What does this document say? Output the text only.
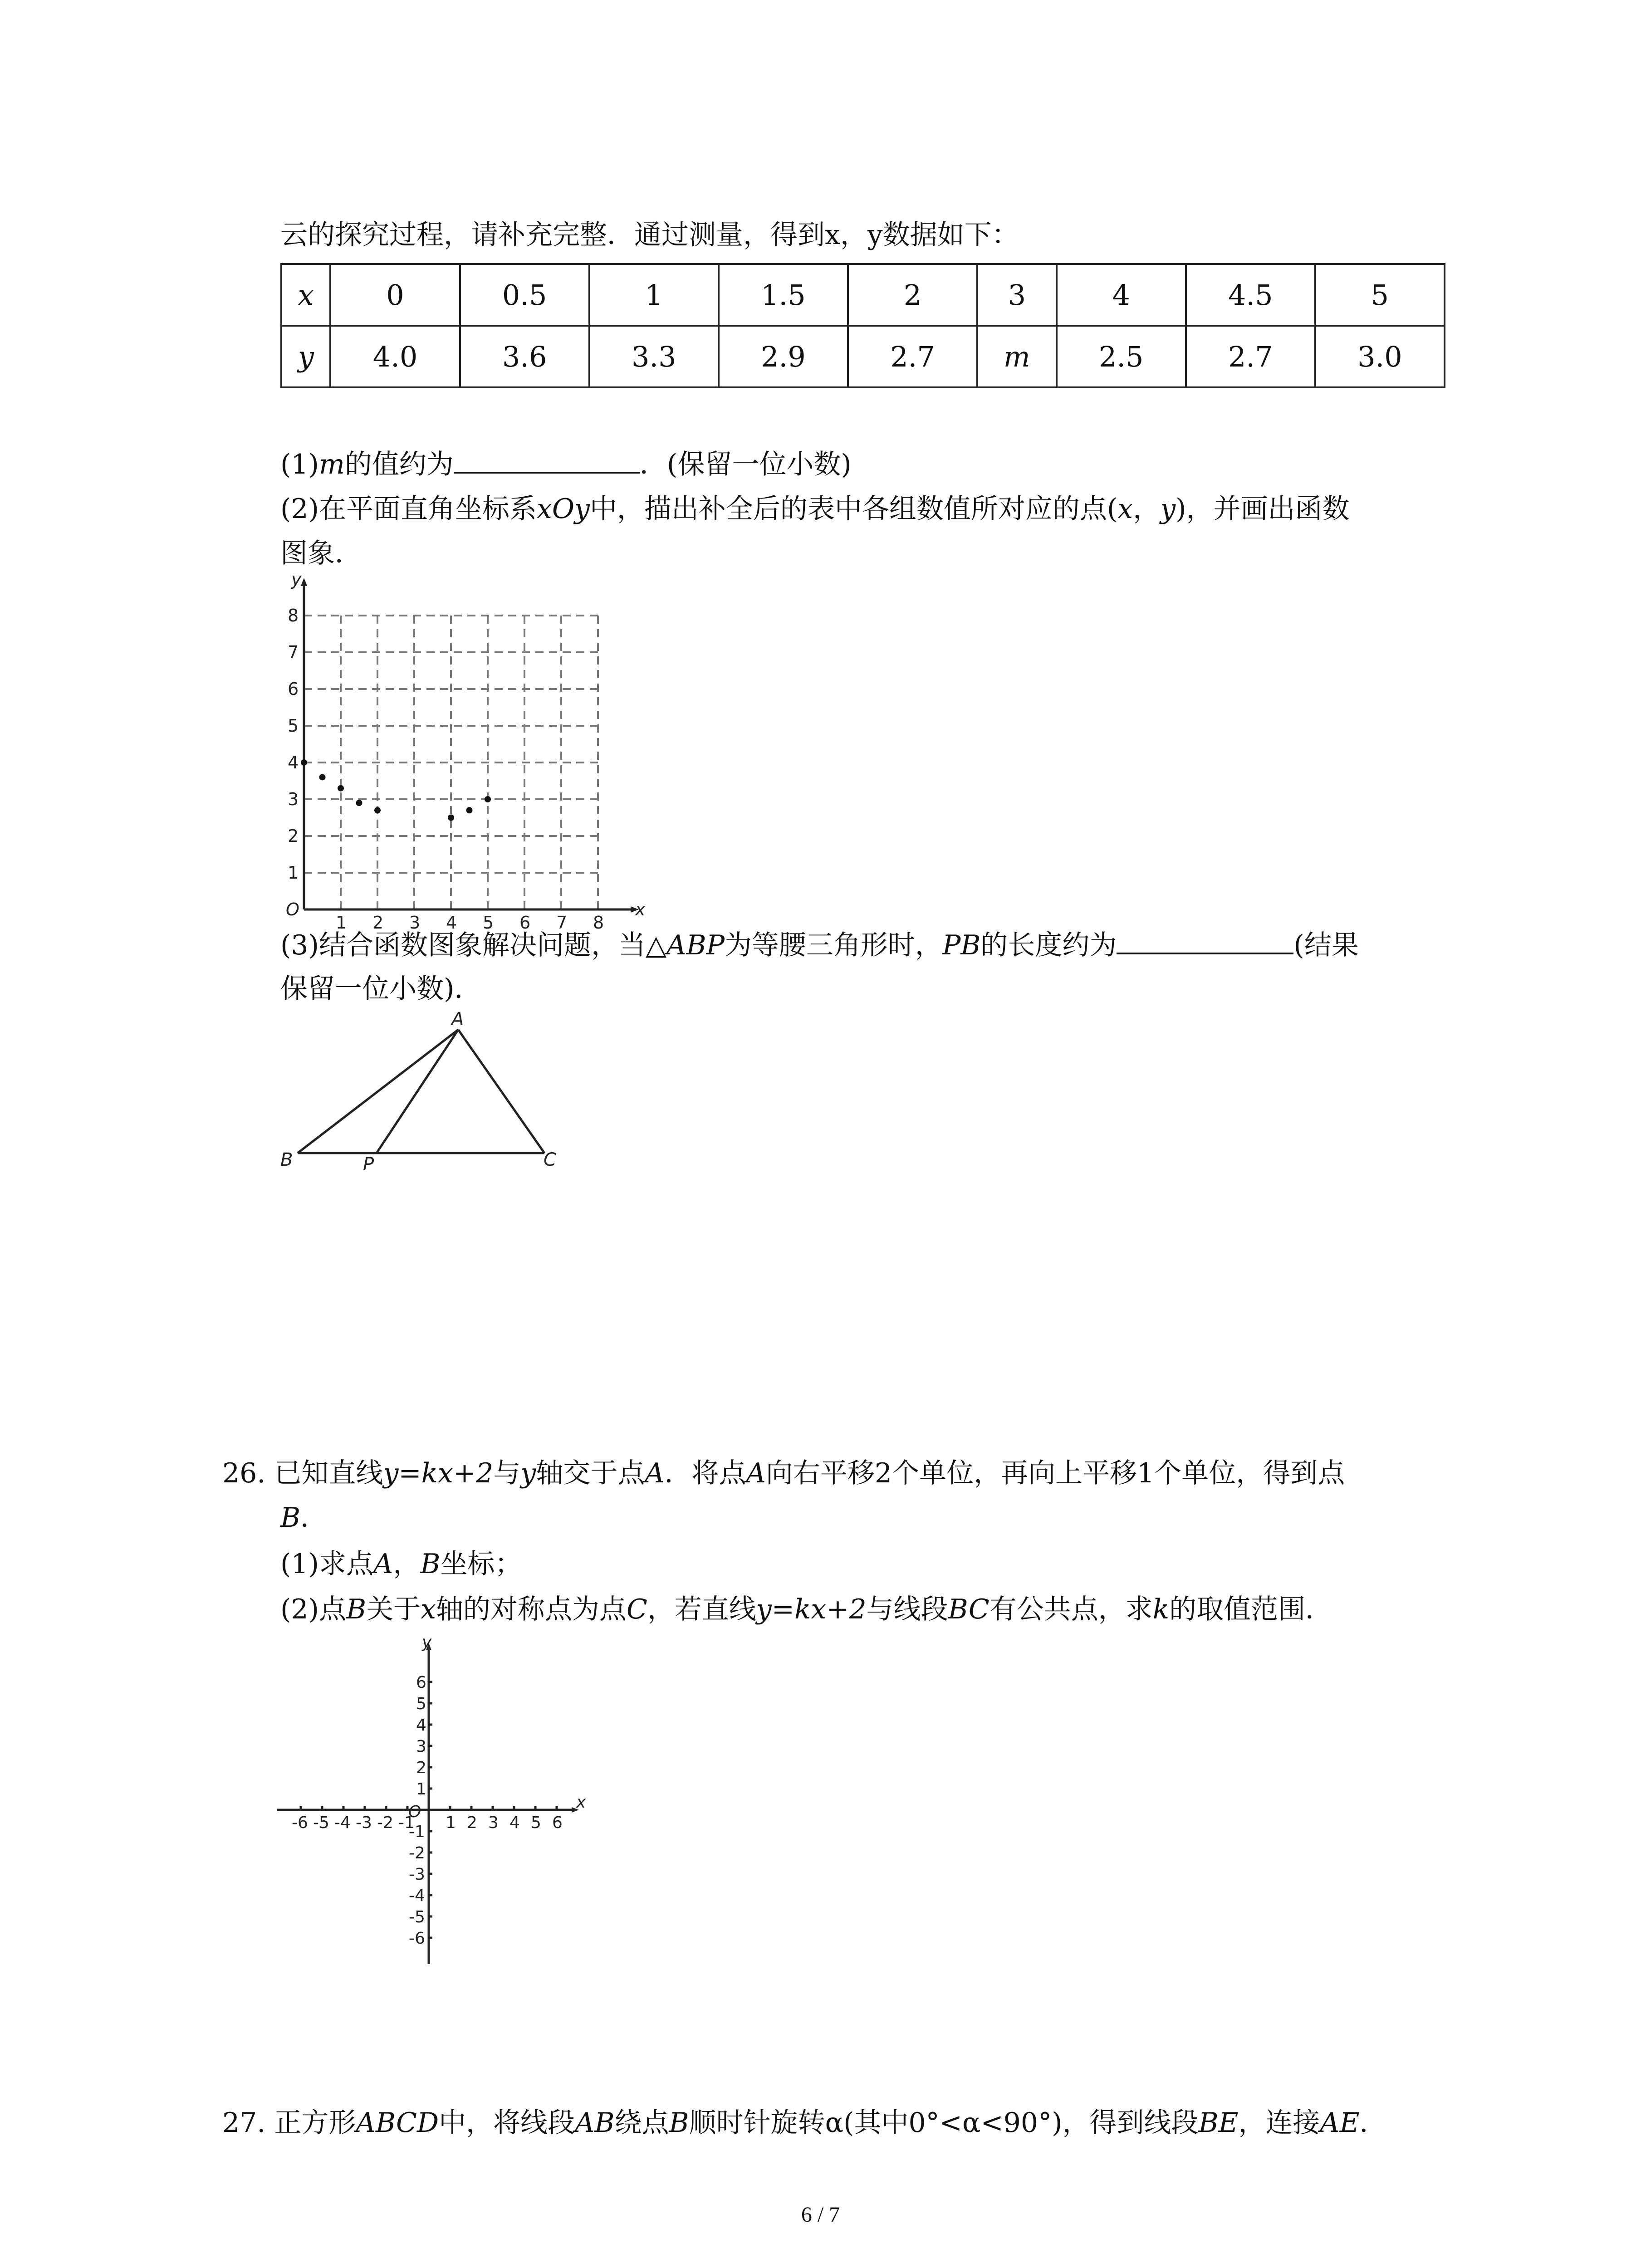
云的探究过程，请补充完整．通过测量，得到x，y数据如下：
x	0	0.5	1	1.5	2	3	4	4.5	5
y	4.0	3.6	3.3	2.9	2.7	m	2.5	2.7	3.0
(1)m的值约为	．(保留一位小数)
(2)在平面直角坐标系xOy中，描出补全后的表中各组数值所对应的点(x，y)，并画出函数
图象．
1 2 3 4 5 6 7 8
1
2
3
4
5
6
7
8
O	x
y
(3)结合函数图象解决问题，当△ABP为等腰三角形时，PB的长度约为	(结果
保留一位小数)．
A
B	C
P
26. 已知直线y=kx+2与y轴交于点A．将点A向右平移2个单位，再向上平移1个单位，得到点
B．
(1)求点A，B坐标；
(2)点B关于x轴的对称点为点C，若直线y=kx+2与线段BC有公共点，求k的取值范围．
-6 -5 -4 -3 -2 -1 1 2 3 4 5 6
6
5
4
3
2
1
-1
-2
-3
-4
-5
-6
O
x
y
27. 正方形ABCD中，将线段AB绕点B顺时针旋转α(其中0°<α<90°)，得到线段BE，连接AE．
6 / 7
